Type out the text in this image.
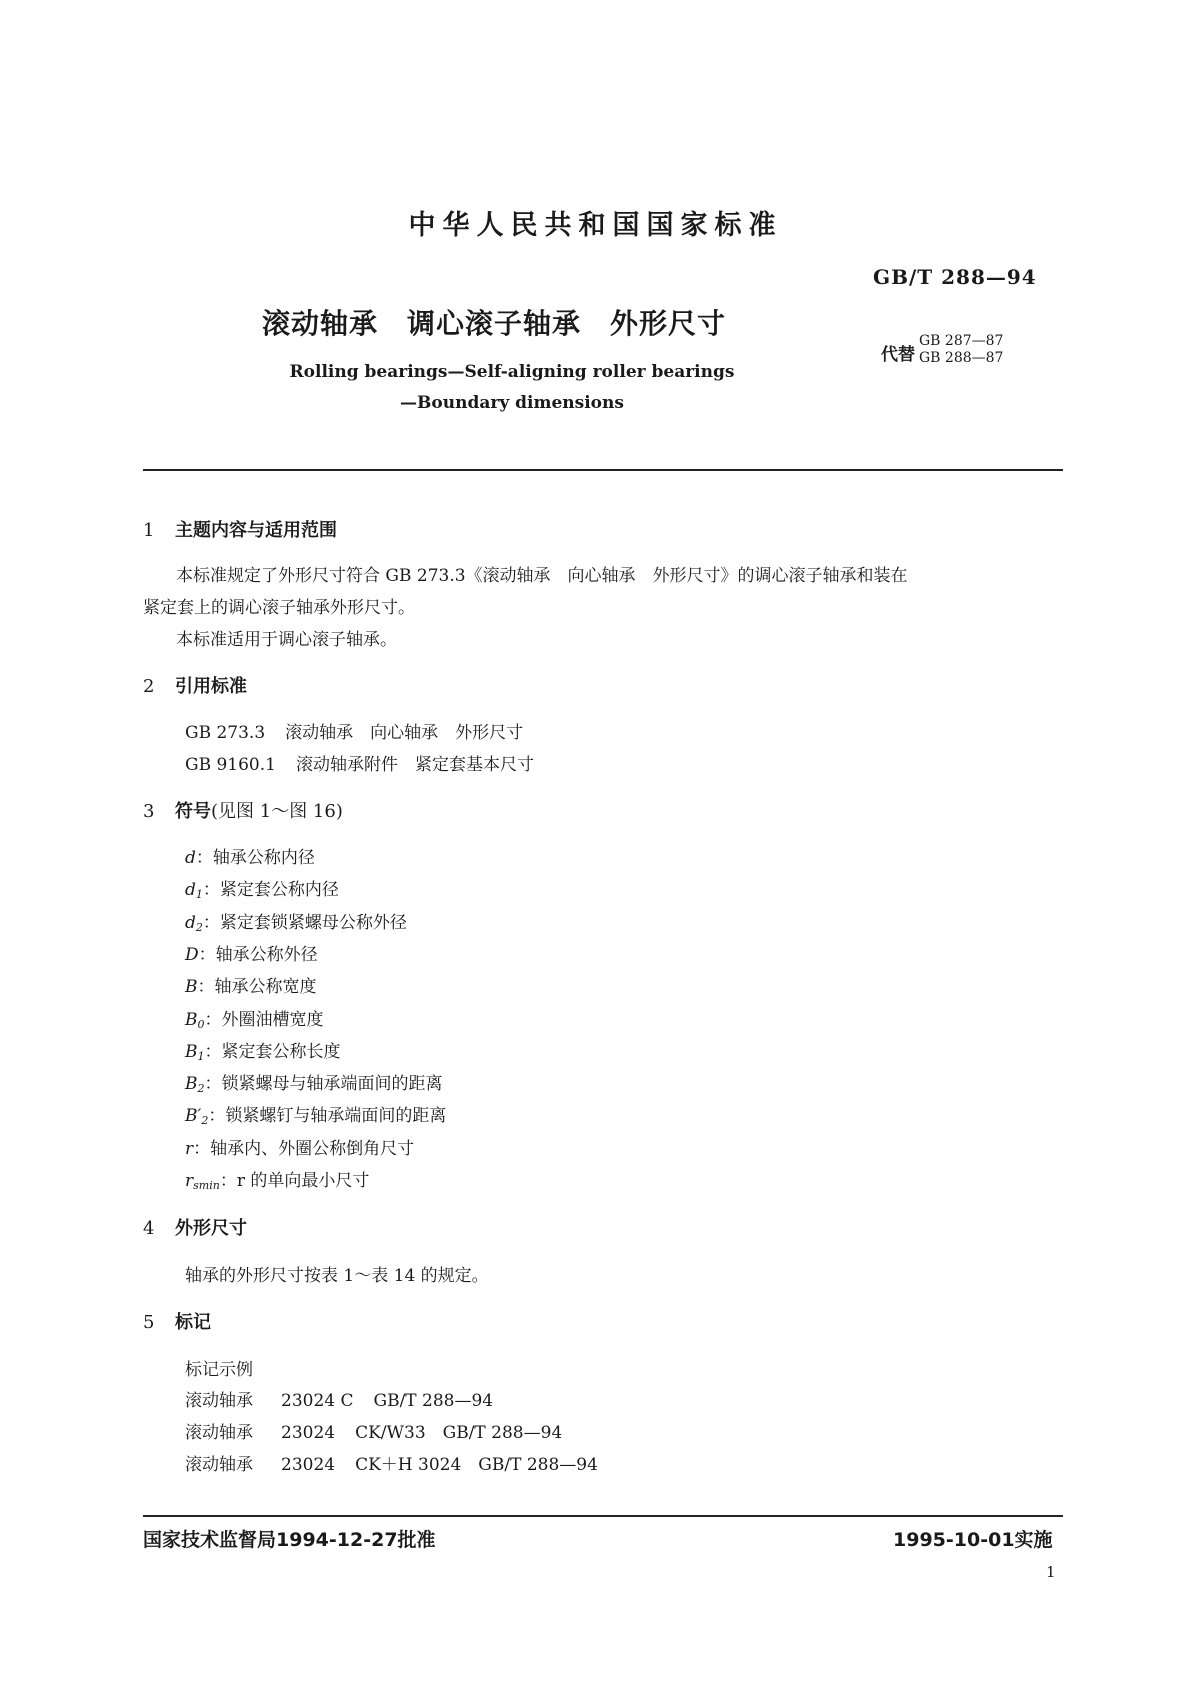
中华人民共和国国家标准
GB/T 288—94
滚动轴承　调心滚子轴承　外形尺寸
代替
GB 287—87
GB 288—87
Rolling bearings—Self-aligning roller bearings
—Boundary dimensions
1 主题内容与适用范围
本标准规定了外形尺寸符合 GB 273.3《滚动轴承　向心轴承　外形尺寸》的调心滚子轴承和装在
紧定套上的调心滚子轴承外形尺寸。
本标准适用于调心滚子轴承。
2 引用标准
GB 273.3 滚动轴承　向心轴承　外形尺寸
GB 9160.1 滚动轴承附件　紧定套基本尺寸
3 符号(见图 1～图 16)
d：轴承公称内径
$d_1$：紧定套公称内径
$d_2$：紧定套锁紧螺母公称外径
D：轴承公称外径
B：轴承公称宽度
$B_0$：外圈油槽宽度
$B_1$：紧定套公称长度
$B_2$：锁紧螺母与轴承端面间的距离
$B'_2$：锁紧螺钉与轴承端面间的距离
r：轴承内、外圈公称倒角尺寸
$r_{smin}$：r 的单向最小尺寸
4 外形尺寸
轴承的外形尺寸按表 1～表 14 的规定。
5 标记
标记示例
滚动轴承 23024 C GB/T 288—94
滚动轴承 23024 CK/W33　GB/T 288—94
滚动轴承 23024 CK＋H 3024　GB/T 288—94
国家技术监督局1994-12-27批准	1995-10-01实施
1
